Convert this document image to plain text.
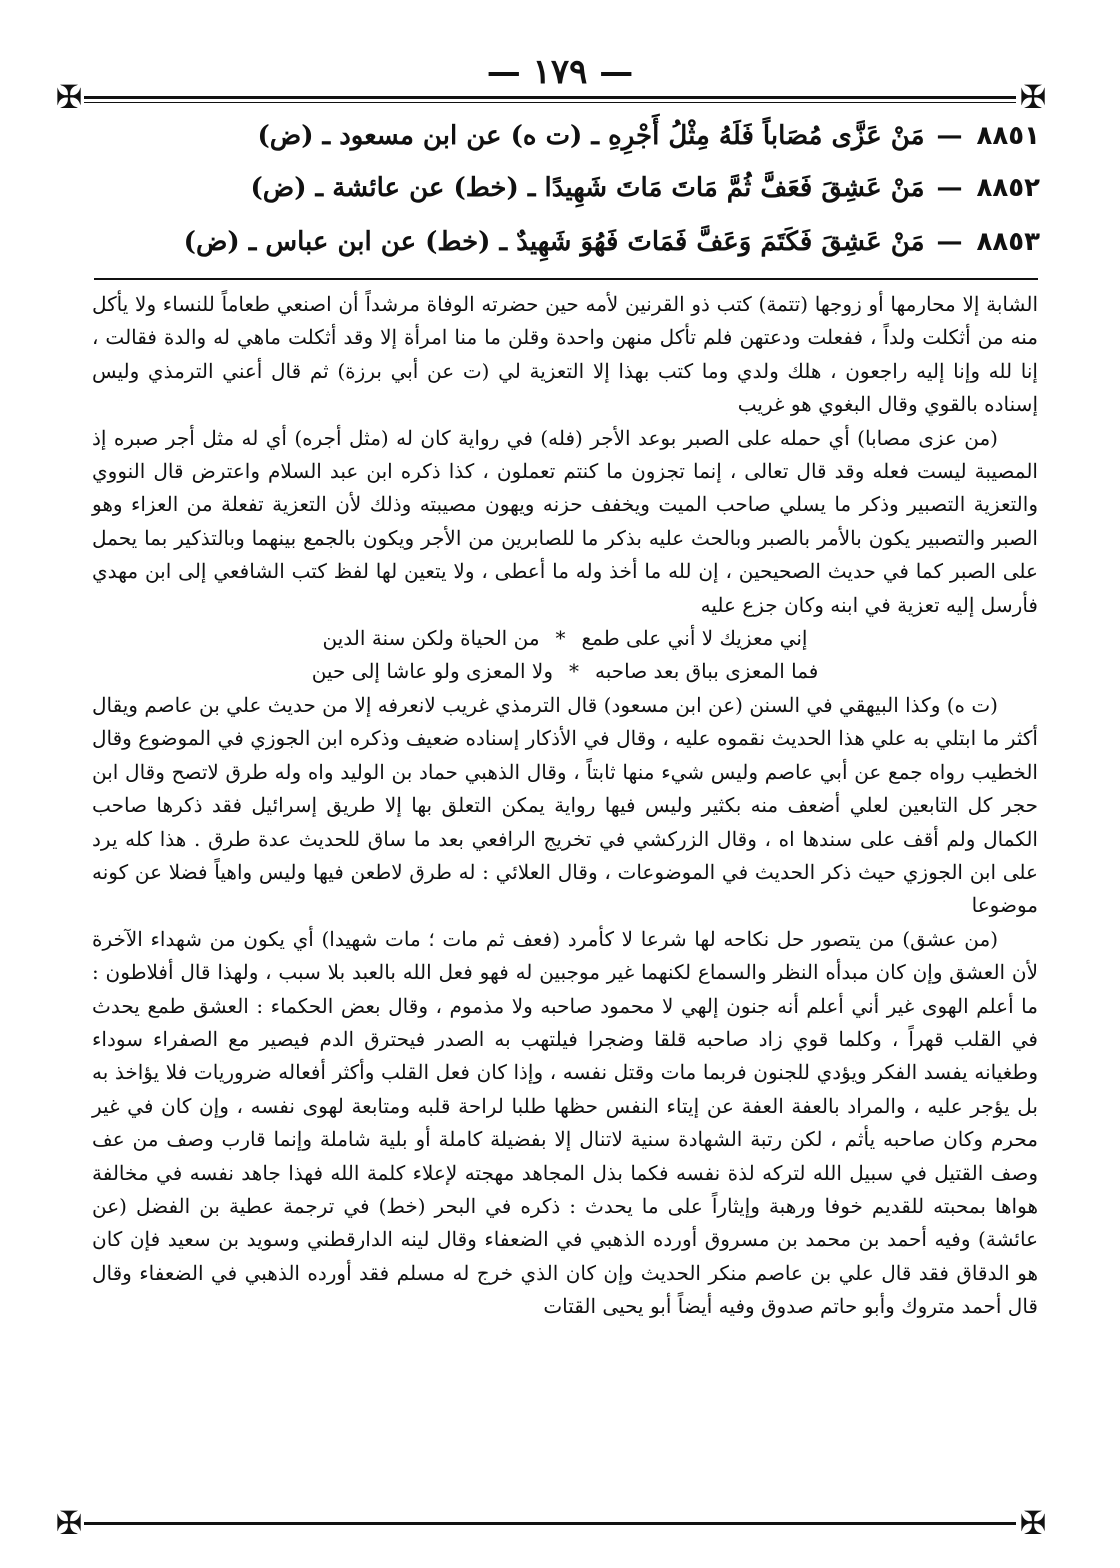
— ١٧٩ —
✠	✠
٨٨٥١
—
مَنْ عَزَّى مُصَاباً فَلَهُ مِثْلُ أَجْرِهِ ـ (ت ه) عن ابن مسعود ـ (ض)
٨٨٥٢
—
مَنْ عَشِقَ فَعَفَّ ثُمَّ مَاتَ مَاتَ شَهِيدًا ـ (خط) عن عائشة ـ (ض)
٨٨٥٣
—
مَنْ عَشِقَ فَكَتَمَ وَعَفَّ فَمَاتَ فَهُوَ شَهِيدٌ ـ (خط) عن ابن عباس ـ (ض)

الشابة إلا محارمها أو زوجها (تتمة) كتب ذو القرنين لأمه حين حضرته الوفاة مرشداً أن اصنعي طعاماً للنساء ولا يأكل منه من أثكلت ولداً ، ففعلت ودعتهن فلم تأكل منهن واحدة وقلن ما منا امرأة إلا وقد أثكلت ماهي له والدة فقالت ، إنا لله وإنا إليه راجعون ، هلك ولدي وما كتب بهذا إلا التعزية لي (ت عن أبي برزة) ثم قال أعني الترمذي وليس إسناده بالقوي وقال البغوي هو غريب

(من عزى مصابا) أي حمله على الصبر بوعد الأجر (فله) في رواية كان له (مثل أجره) أي له مثل أجر صبره إذ المصيبة ليست فعله وقد قال تعالى ، إنما تجزون ما كنتم تعملون ، كذا ذكره ابن عبد السلام واعترض قال النووي والتعزية التصبير وذكر ما يسلي صاحب الميت ويخفف حزنه ويهون مصيبته وذلك لأن التعزية تفعلة من العزاء وهو الصبر والتصبير يكون بالأمر بالصبر وبالحث عليه بذكر ما للصابرين من الأجر ويكون بالجمع بينهما وبالتذكير بما يحمل على الصبر كما في حديث الصحيحين ، إن لله ما أخذ وله ما أعطى ، ولا يتعين لها لفظ كتب الشافعي إلى ابن مهدي فأرسل إليه تعزية في ابنه وكان جزع عليه

إني معزيك لا أني على طمع
*
من الحياة ولكن سنة الدين
فما المعزى بباق بعد صاحبه
*
ولا المعزى ولو عاشا إلى حين

(ت ه) وكذا البيهقي في السنن (عن ابن مسعود) قال الترمذي غريب لانعرفه إلا من حديث علي بن عاصم ويقال أكثر ما ابتلي به علي هذا الحديث نقموه عليه ، وقال في الأذكار إسناده ضعيف وذكره ابن الجوزي في الموضوع وقال الخطيب رواه جمع عن أبي عاصم وليس شيء منها ثابتاً ، وقال الذهبي حماد بن الوليد واه وله طرق لاتصح وقال ابن حجر كل التابعين لعلي أضعف منه بكثير وليس فيها رواية يمكن التعلق بها إلا طريق إسرائيل فقد ذكرها صاحب الكمال ولم أقف على سندها اه ، وقال الزركشي في تخريج الرافعي بعد ما ساق للحديث عدة طرق . هذا كله يرد على ابن الجوزي حيث ذكر الحديث في الموضوعات ، وقال العلائي : له طرق لاطعن فيها وليس واهياً فضلا عن كونه موضوعا

(من عشق) من يتصور حل نكاحه لها شرعا لا كأمرد (فعف ثم مات ؛ مات شهيدا) أي يكون من شهداء الآخرة لأن العشق وإن كان مبدأه النظر والسماع لكنهما غير موجبين له فهو فعل الله بالعبد بلا سبب ، ولهذا قال أفلاطون : ما أعلم الهوى غير أني أعلم أنه جنون إلهي لا محمود صاحبه ولا مذموم ، وقال بعض الحكماء : العشق طمع يحدث في القلب قهراً ، وكلما قوي زاد صاحبه قلقا وضجرا فيلتهب به الصدر فيحترق الدم فيصير مع الصفراء سوداء وطغيانه يفسد الفكر ويؤدي للجنون فربما مات وقتل نفسه ، وإذا كان فعل القلب وأكثر أفعاله ضروريات فلا يؤاخذ به بل يؤجر عليه ، والمراد بالعفة العفة عن إيتاء النفس حظها طلبا لراحة قلبه ومتابعة لهوى نفسه ، وإن كان في غير محرم وكان صاحبه يأثم ، لكن رتبة الشهادة سنية لاتنال إلا بفضيلة كاملة أو بلية شاملة وإنما قارب وصف من عف وصف القتيل في سبيل الله لتركه لذة نفسه فكما بذل المجاهد مهجته لإعلاء كلمة الله فهذا جاهد نفسه في مخالفة هواها بمحبته للقديم خوفا ورهبة وإيثاراً على ما يحدث : ذكره في البحر (خط) في ترجمة عطية بن الفضل (عن عائشة) وفيه أحمد بن محمد بن مسروق أورده الذهبي في الضعفاء وقال لينه الدارقطني وسويد بن سعيد فإن كان هو الدقاق فقد قال علي بن عاصم منكر الحديث وإن كان الذي خرج له مسلم فقد أورده الذهبي في الضعفاء وقال قال أحمد متروك وأبو حاتم صدوق وفيه أيضاً أبو يحيى القتات

✠	✠
